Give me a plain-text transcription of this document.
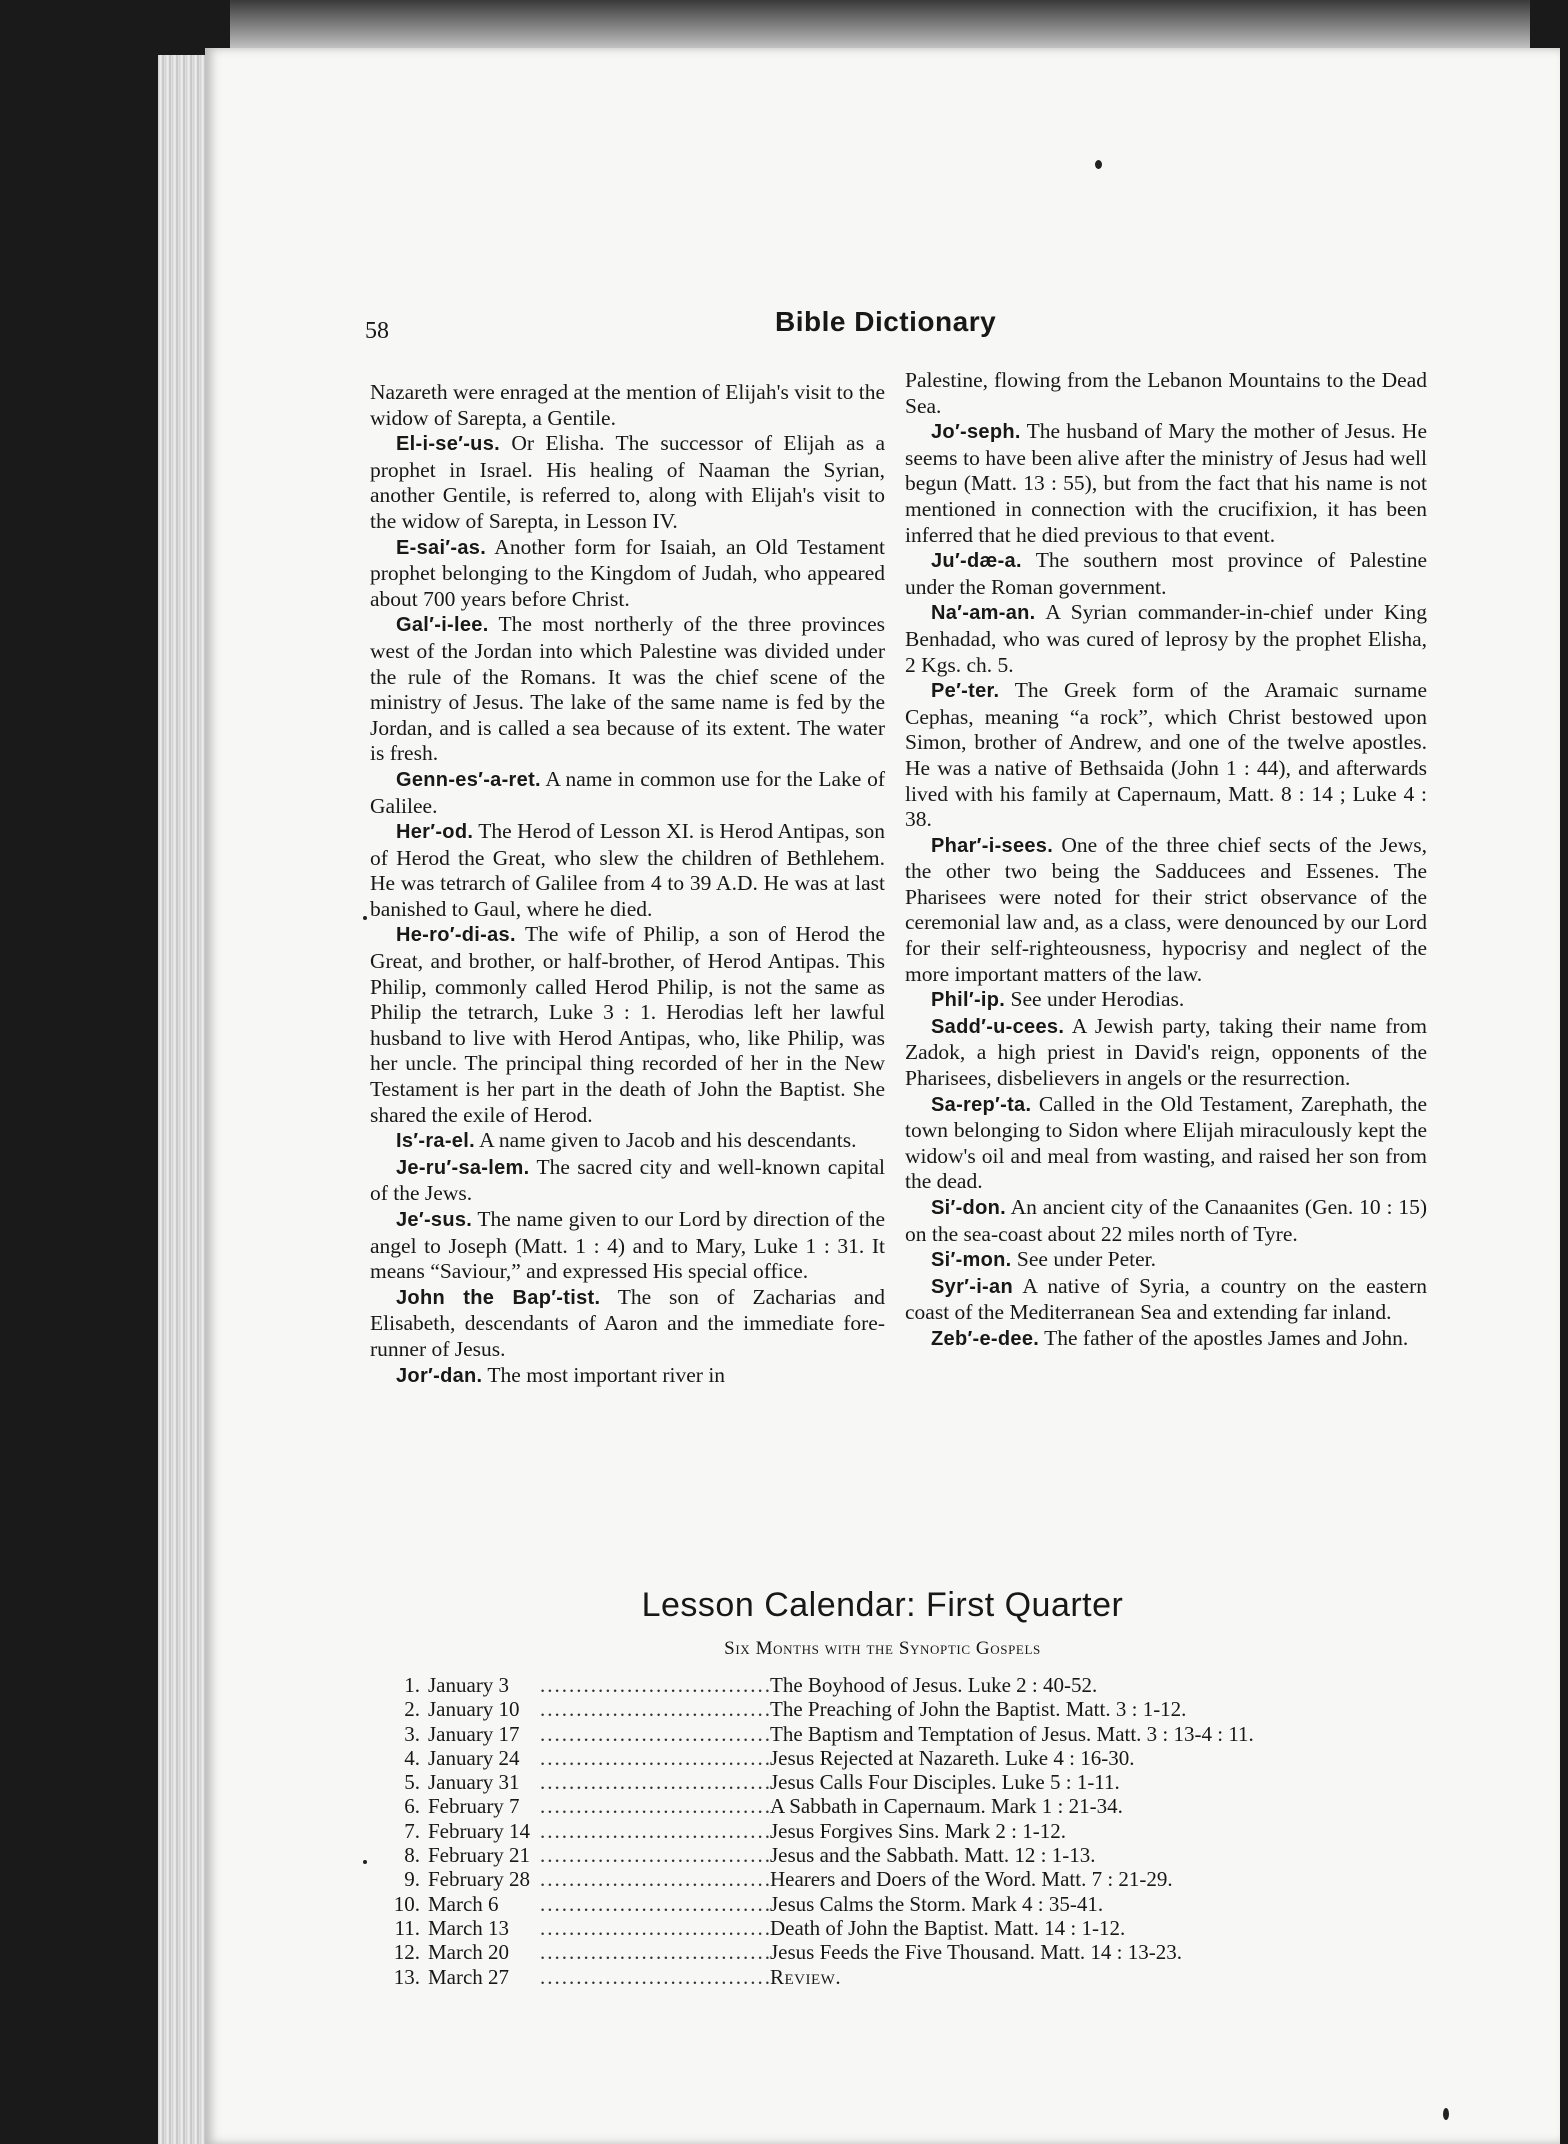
58	Bible Dictionary

Nazareth were enraged at the mention of Elijah's visit to the widow of Sarepta, a Gentile.

El-i-se′-us. Or Elisha. The successor of Elijah as a prophet in Israel. His healing of Naaman the Syrian, another Gentile, is referred to, along with Elijah's visit to the widow of Sarepta, in Lesson IV.

E-sai′-as. Another form for Isaiah, an Old Testament prophet belonging to the Kingdom of Judah, who appeared about 700 years before Christ.

Gal′-i-lee. The most northerly of the three provinces west of the Jordan into which Palestine was divided under the rule of the Romans. It was the chief scene of the ministry of Jesus. The lake of the same name is fed by the Jordan, and is called a sea because of its extent. The water is fresh.

Genn-es′-a-ret. A name in common use for the Lake of Galilee.

Her′-od. The Herod of Lesson XI. is Herod Antipas, son of Herod the Great, who slew the children of Bethlehem. He was tetrarch of Galilee from 4 to 39 A.D. He was at last banished to Gaul, where he died.

He-ro′-di-as. The wife of Philip, a son of Herod the Great, and brother, or half-brother, of Herod Antipas. This Philip, commonly called Herod Philip, is not the same as Philip the tetrarch, Luke 3 : 1. Herodias left her lawful husband to live with Herod Antipas, who, like Philip, was her uncle. The principal thing recorded of her in the New Testament is her part in the death of John the Baptist. She shared the exile of Herod.

Is′-ra-el. A name given to Jacob and his descendants.

Je-ru′-sa-lem. The sacred city and well-known capital of the Jews.

Je′-sus. The name given to our Lord by direction of the angel to Joseph (Matt. 1 : 4) and to Mary, Luke 1 : 31. It means “Saviour,” and expressed His special office.

John the Bap′-tist. The son of Zacharias and Elisabeth, descendants of Aaron and the immediate fore-runner of Jesus.

Jor′-dan. The most important river in

Palestine, flowing from the Lebanon Mountains to the Dead Sea.

Jo′-seph. The husband of Mary the mother of Jesus. He seems to have been alive after the ministry of Jesus had well begun (Matt. 13 : 55), but from the fact that his name is not mentioned in connection with the crucifixion, it has been inferred that he died previous to that event.

Ju′-dæ-a. The southern most province of Palestine under the Roman government.

Na′-am-an. A Syrian commander-in-chief under King Benhadad, who was cured of leprosy by the prophet Elisha, 2 Kgs. ch. 5.

Pe′-ter. The Greek form of the Aramaic surname Cephas, meaning “a rock”, which Christ bestowed upon Simon, brother of Andrew, and one of the twelve apostles. He was a native of Bethsaida (John 1 : 44), and afterwards lived with his family at Capernaum, Matt. 8 : 14 ; Luke 4 : 38.

Phar′-i-sees. One of the three chief sects of the Jews, the other two being the Sadducees and Essenes. The Pharisees were noted for their strict observance of the ceremonial law and, as a class, were denounced by our Lord for their self-righteousness, hypocrisy and neglect of the more important matters of the law.

Phil′-ip. See under Herodias.

Sadd′-u-cees. A Jewish party, taking their name from Zadok, a high priest in David's reign, opponents of the Pharisees, disbelievers in angels or the resurrection.

Sa-rep′-ta. Called in the Old Testament, Zarephath, the town belonging to Sidon where Elijah miraculously kept the widow's oil and meal from wasting, and raised her son from the dead.

Si′-don. An ancient city of the Canaanites (Gen. 10 : 15) on the sea-coast about 22 miles north of Tyre.

Si′-mon. See under Peter.

Syr′-i-an A native of Syria, a country on the eastern coast of the Mediterranean Sea and extending far inland.

Zeb′-e-dee. The father of the apostles James and John.

Lesson Calendar: First Quarter
Six Months with the Synoptic Gospels
1. January 3 .....	The Boyhood of Jesus. Luke 2 : 40-52.
2. January 10 .....	The Preaching of John the Baptist. Matt. 3 : 1-12.
3. January 17 .....	The Baptism and Temptation of Jesus. Matt. 3 : 13-4 : 11.
4. January 24 .....	Jesus Rejected at Nazareth. Luke 4 : 16-30.
5. January 31 .....	Jesus Calls Four Disciples. Luke 5 : 1-11.
6. February 7 .....	A Sabbath in Capernaum. Mark 1 : 21-34.
7. February 14 .....	Jesus Forgives Sins. Mark 2 : 1-12.
8. February 21 .....	Jesus and the Sabbath. Matt. 12 : 1-13.
9. February 28 .....	Hearers and Doers of the Word. Matt. 7 : 21-29.
10. March 6 .....	Jesus Calms the Storm. Mark 4 : 35-41.
11. March 13 .....	Death of John the Baptist. Matt. 14 : 1-12.
12. March 20 .....	Jesus Feeds the Five Thousand. Matt. 14 : 13-23.
13. March 27 .....	Review.
